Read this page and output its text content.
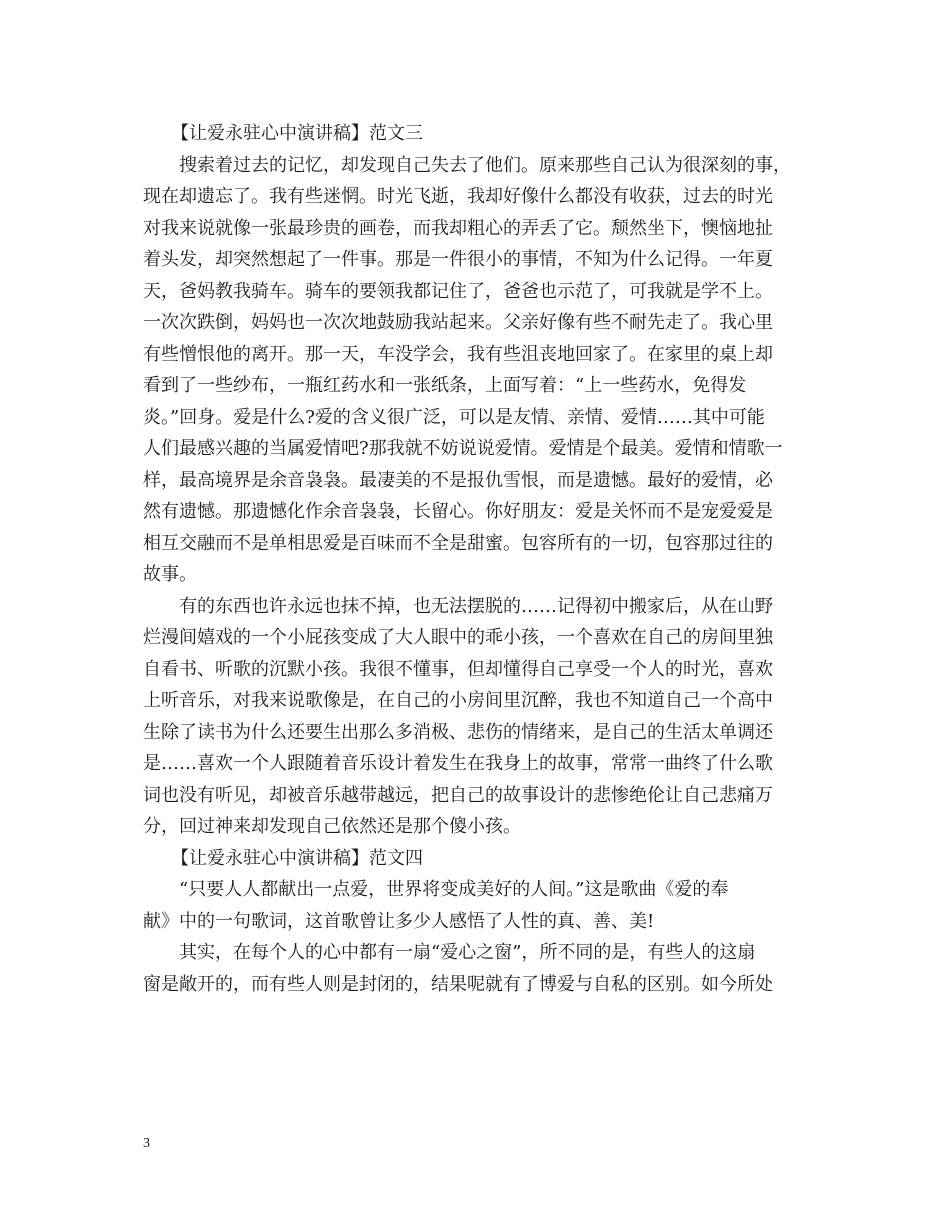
【让爱永驻心中演讲稿】范文三
搜索着过去的记忆，却发现自己失去了他们。原来那些自己认为很深刻的事，
现在却遗忘了。我有些迷惘。时光飞逝，我却好像什么都没有收获，过去的时光
对我来说就像一张最珍贵的画卷，而我却粗心的弄丢了它。颓然坐下，懊恼地扯
着头发，却突然想起了一件事。那是一件很小的事情，不知为什么记得。一年夏
天，爸妈教我骑车。骑车的要领我都记住了，爸爸也示范了，可我就是学不上。
一次次跌倒，妈妈也一次次地鼓励我站起来。父亲好像有些不耐先走了。我心里
有些憎恨他的离开。那一天，车没学会，我有些沮丧地回家了。在家里的桌上却
看到了一些纱布，一瓶红药水和一张纸条，上面写着：“上一些药水，免得发
炎。”回身。爱是什么?爱的含义很广泛，可以是友情、亲情、爱情……其中可能
人们最感兴趣的当属爱情吧?那我就不妨说说爱情。爱情是个最美。爱情和情歌一
样，最高境界是余音袅袅。最凄美的不是报仇雪恨，而是遗憾。最好的爱情，必
然有遗憾。那遗憾化作余音袅袅，长留心。你好朋友：爱是关怀而不是宠爱爱是
相互交融而不是单相思爱是百味而不全是甜蜜。包容所有的一切，包容那过往的
故事。
有的东西也许永远也抹不掉，也无法摆脱的……记得初中搬家后，从在山野
烂漫间嬉戏的一个小屁孩变成了大人眼中的乖小孩，一个喜欢在自己的房间里独
自看书、听歌的沉默小孩。我很不懂事，但却懂得自己享受一个人的时光，喜欢
上听音乐，对我来说歌像是，在自己的小房间里沉醉，我也不知道自己一个高中
生除了读书为什么还要生出那么多消极、悲伤的情绪来，是自己的生活太单调还
是……喜欢一个人跟随着音乐设计着发生在我身上的故事，常常一曲终了什么歌
词也没有听见，却被音乐越带越远，把自己的故事设计的悲惨绝伦让自己悲痛万
分，回过神来却发现自己依然还是那个傻小孩。
【让爱永驻心中演讲稿】范文四
“只要人人都献出一点爱，世界将变成美好的人间。”这是歌曲《爱的奉
献》中的一句歌词，这首歌曾让多少人感悟了人性的真、善、美!
其实，在每个人的心中都有一扇“爱心之窗”，所不同的是，有些人的这扇
窗是敞开的，而有些人则是封闭的，结果呢就有了博爱与自私的区别。如今所处
3
